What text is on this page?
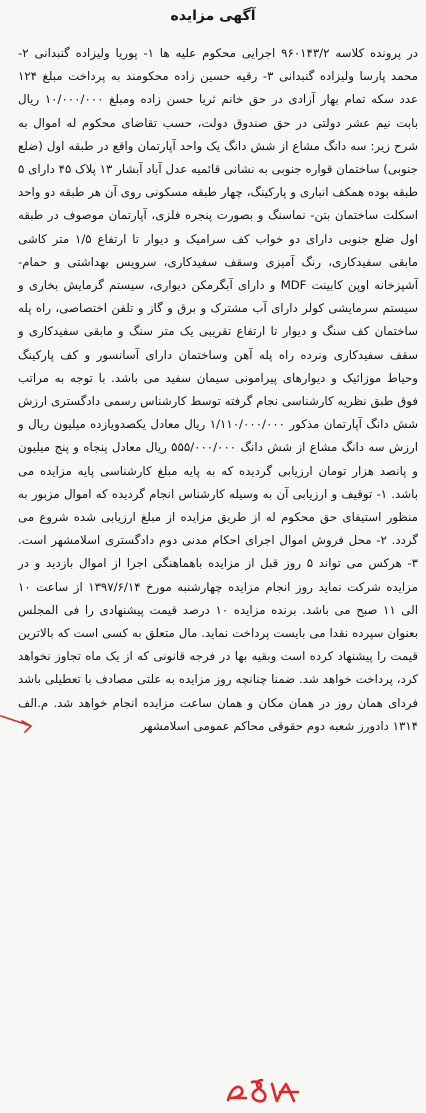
آگهی مزایده

در پرونده کلاسه ۹۶۰۱۴۳/۲ اجرایی محکوم علیه ها ۱- پوریا ولیزاده گنبدانی ۲- محمد پارسا ولیزاده گنبدانی ۳- رقیه حسین زاده محکومند به پرداخت مبلغ ۱۲۴ عدد سکه تمام بهار آزادی در حق خانم ثریا حسن زاده ومبلغ ۱۰/۰۰۰/۰۰۰ ریال بابت نیم عشر دولتی در حق صندوق دولت، حسب تقاضای محکوم له اموال به شرح زیر: سه دانگ مشاع از شش دانگ یک واحد آپارتمان واقع در طبقه اول (ضلع جنوبی) ساختمان قواره جنوبی به نشانی قائمیه عدل آباد آبشار ۱۳ پلاک ۴۵ دارای ۵ طبقه بوده همکف انباری و پارکینگ، چهار طبقه مسکونی روی آن هر طبقه دو واحد اسکلت ساختمان بتن- نماسنگ و بصورت پنجره فلزی، آپارتمان موصوف در طبقه اول ضلع جنوبی دارای دو خواب کف سرامیک و دیوار تا ارتفاع ۱/۵ متر کاشی مابقی سفیدکاری، رنگ آمیزی وسقف سفیدکاری، سرویس بهداشتی و حمام- آشپزخانه اوپن کابینت MDF و دارای آبگرمکن دیواری، سیستم گرمایش بخاری و سیستم سرمایشی کولر دارای آب مشترک و برق و گاز و تلفن اختصاصی، راه پله ساختمان کف سنگ و دیوار تا ارتفاع تقریبی یک متر سنگ و مابقی سفیدکاری و سقف سفیدکاری ونرده راه پله آهن وساختمان دارای آسانسور و کف پارکینگ وحیاط موزائیک و دیوارهای پیرامونی سیمان سفید می باشد. با توجه به مراتب فوق طبق نظریه کارشناسی نجام گرفته توسط کارشناس رسمی دادگستری ارزش شش دانگ آپارتمان مذکور ۱/۱۱۰/۰۰۰/۰۰۰ ریال معادل یکصدویازده میلیون ریال و ارزش سه دانگ مشاع از شش دانگ ۵۵۵/۰۰۰/۰۰۰ ریال معادل پنجاه و پنج میلیون و پانصد هزار تومان ارزیابی گردیده که به پایه مبلغ کارشناسی پایه مزایده می باشد. ۱- توقیف و ارزیابی آن به وسیله کارشناس انجام گردیده که اموال مزبور به منظور استیفای حق محکوم له از طریق مزایده از مبلغ ارزیابی شده شروع می گردد. ۲- محل فروش اموال اجرای احکام مدنی دوم دادگستری اسلامشهر است. ۳- هرکس می تواند ۵ روز قبل از مزایده باهماهنگی اجرا از اموال بازدید و در مزایده شرکت نماید روز انجام مزایده چهارشنبه مورخ ۱۳۹۷/۶/۱۴ از ساعت ۱۰ الی ۱۱ صبح می باشد. برنده مزایده ۱۰ درصد قیمت پیشنهادی را فی المجلس بعنوان سپرده نقدا می بایست پرداخت نماید. مال متعلق به کسی است که بالاترین قیمت را پیشنهاد کرده است وبقیه بها در فرجه قانونی که از یک ماه تجاوز نخواهد کرد، پرداخت خواهد شد. ضمنا چنانچه روز مزایده به علتی مصادف با تعطیلی باشد فردای همان روز در همان مکان و همان ساعت مزایده انجام خواهد شد. م.الف ۱۳۱۴ دادورز شعبه دوم حقوقی محاکم عمومی اسلامشهر
